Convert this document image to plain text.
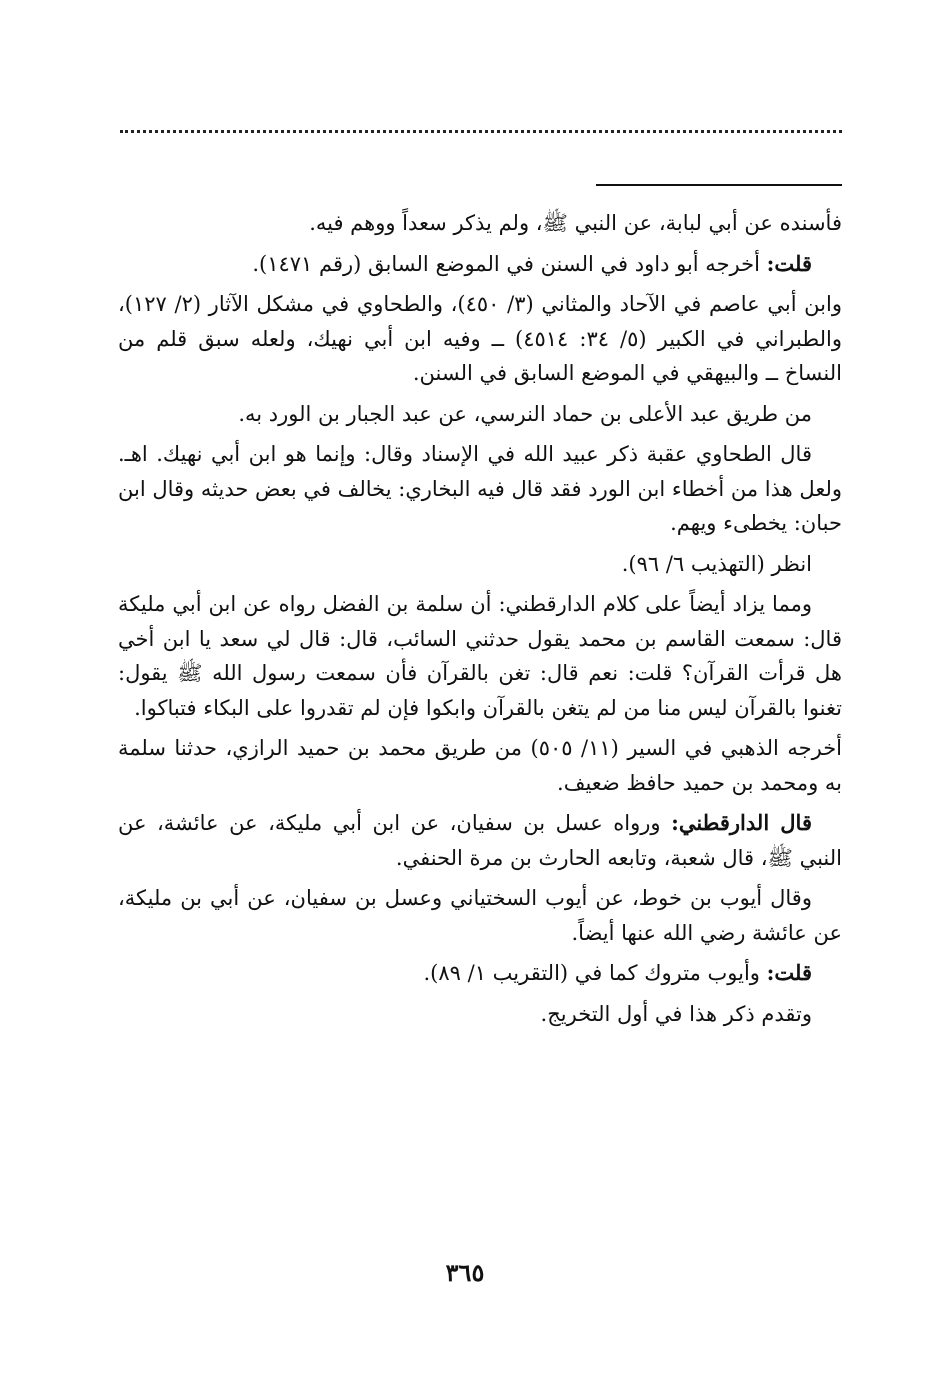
فأسنده عن أبي لبابة، عن النبي ﷺ، ولم يذكر سعداً ووهم فيه.

قلت: أخرجه أبو داود في السنن في الموضع السابق (رقم ١٤٧١).

وابن أبي عاصم في الآحاد والمثاني (٣/ ٤٥٠)، والطحاوي في مشكل الآثار (٢/ ١٢٧)، والطبراني في الكبير (٥/ ٣٤: ٤٥١٤) ــ وفيه ابن أبي نهيك، ولعله سبق قلم من النساخ ــ والبيهقي في الموضع السابق في السنن.

من طريق عبد الأعلى بن حماد النرسي، عن عبد الجبار بن الورد به.

قال الطحاوي عقبة ذكر عبيد الله في الإسناد وقال: وإنما هو ابن أبي نهيك. اهـ. ولعل هذا من أخطاء ابن الورد فقد قال فيه البخاري: يخالف في بعض حديثه وقال ابن حبان: يخطىء ويهم.

انظر (التهذيب ٦/ ٩٦).

ومما يزاد أيضاً على كلام الدارقطني: أن سلمة بن الفضل رواه عن ابن أبي مليكة قال: سمعت القاسم بن محمد يقول حدثني السائب، قال: قال لي سعد يا ابن أخي هل قرأت القرآن؟ قلت: نعم قال: تغن بالقرآن فأن سمعت رسول الله ﷺ يقول: تغنوا بالقرآن ليس منا من لم يتغن بالقرآن وابكوا فإن لم تقدروا على البكاء فتباكوا.

أخرجه الذهبي في السير (١١/ ٥٠٥) من طريق محمد بن حميد الرازي، حدثنا سلمة به ومحمد بن حميد حافظ ضعيف.

قال الدارقطني: ورواه عسل بن سفيان، عن ابن أبي مليكة، عن عائشة، عن النبي ﷺ، قال شعبة، وتابعه الحارث بن مرة الحنفي.

وقال أيوب بن خوط، عن أيوب السختياني وعسل بن سفيان، عن أبي بن مليكة، عن عائشة رضي الله عنها أيضاً.

قلت: وأيوب متروك كما في (التقريب ١/ ٨٩).

وتقدم ذكر هذا في أول التخريج.

٣٦٥
